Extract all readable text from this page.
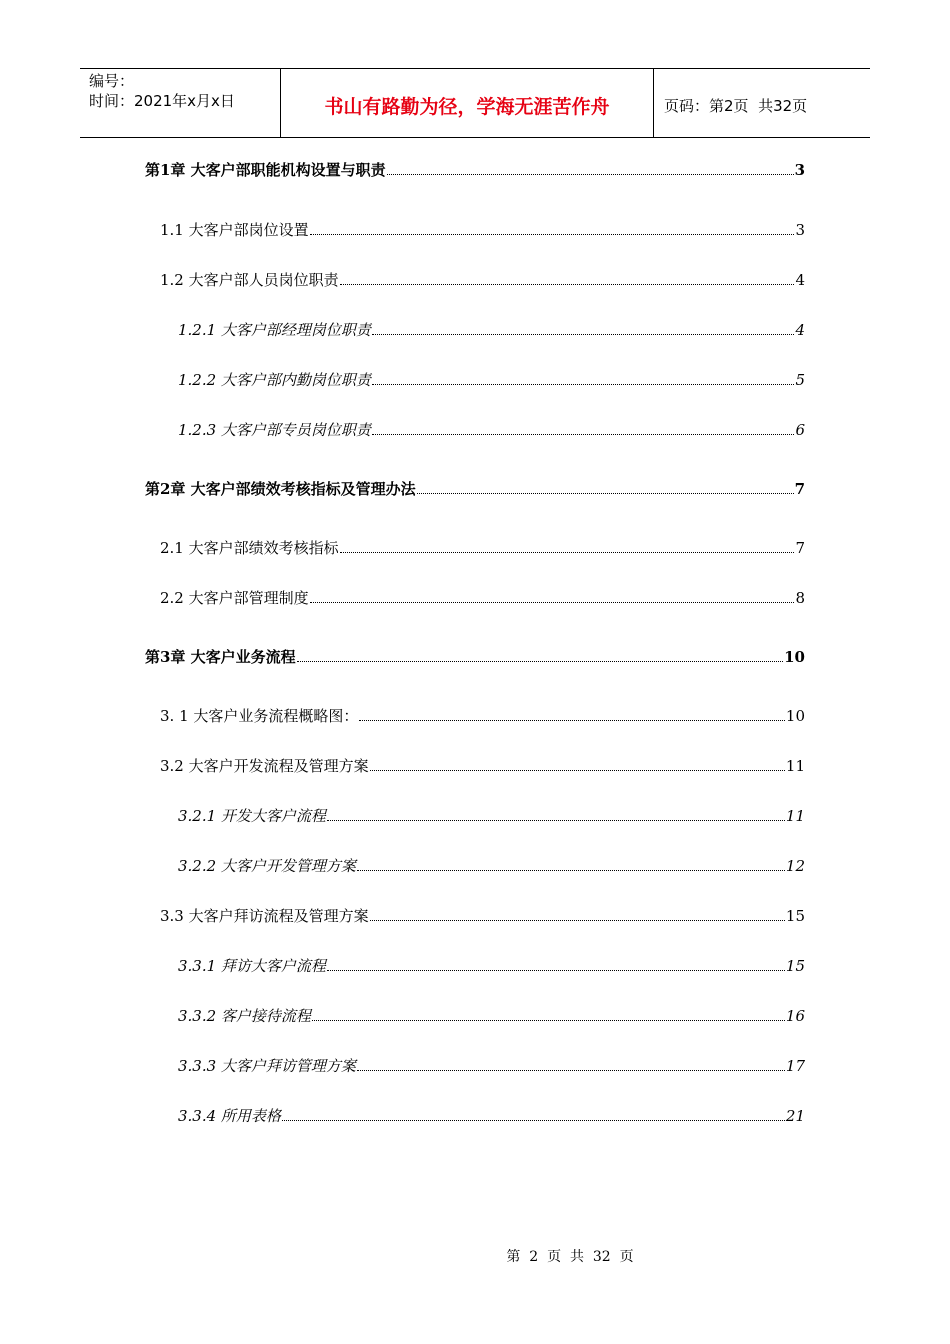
编号：
时间：2021年x月x日	书山有路勤为径，学海无涯苦作舟	页码：第2页  共32页
第1章 大客户部职能机构设置与职责	3
1.1 大客户部岗位设置	3
1.2 大客户部人员岗位职责	4
1.2.1 大客户部经理岗位职责	4
1.2.2 大客户部内勤岗位职责	5
1.2.3 大客户部专员岗位职责	6
第2章 大客户部绩效考核指标及管理办法	7
2.1 大客户部绩效考核指标	7
2.2 大客户部管理制度	8
第3章 大客户业务流程	10
3. 1 大客户业务流程概略图：	10
3.2 大客户开发流程及管理方案	11
3.2.1 开发大客户流程	11
3.2.2 大客户开发管理方案	12
3.3 大客户拜访流程及管理方案	15
3.3.1 拜访大客户流程	15
3.3.2 客户接待流程	16
3.3.3 大客户拜访管理方案	17
3.3.4 所用表格	21
第  2  页  共  32  页
